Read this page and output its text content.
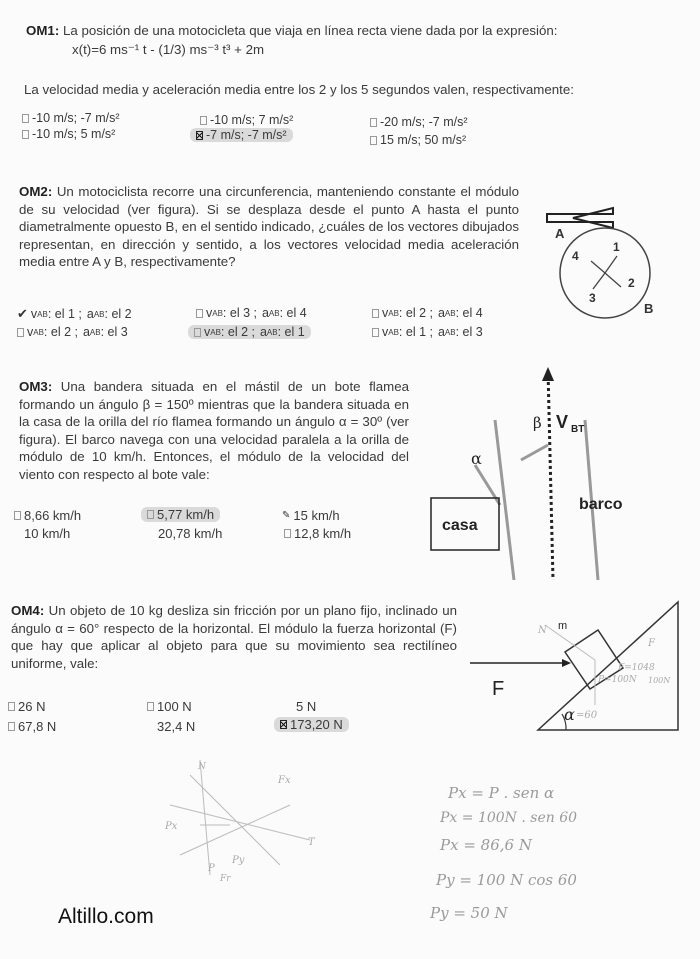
OM1: La posición de una motocicleta que viaja en línea recta viene dada por la expresión:
x(t)=6 ms⁻¹ t - (1/3) ms⁻³ t³ + 2m
La velocidad media y aceleración media entre los 2 y los 5 segundos valen, respectivamente:
-10 m/s; -7 m/s²	-10 m/s; 7 m/s²	-20 m/s; -7 m/s²
-10 m/s; 5 m/s²	-7 m/s; -7 m/s²	15 m/s; 50 m/s²
OM2: Un motociclista recorre una circunferencia, manteniendo constante el módulo de su velocidad (ver figura). Si se desplaza desde el punto A hasta el punto diametralmente opuesto B, en el sentido indicado, ¿cuáles de los vectores dibujados representan, en dirección y sentido, a los vectores velocidad media aceleración media entre A y B, respectivamente?
A
B
1
2
3
4
✔ v AB : el 1 ; a AB : el 2	v AB : el 3 ; a AB : el 4	v AB : el 2 ; a AB : el 4
v AB : el 2 ; a AB : el 3	v AB : el 2 ; a AB : el 1	v AB : el 1 ; a AB : el 3
OM3: Una bandera situada en el mástil de un bote flamea formando un ángulo β = 150º mientras que la bandera situada en la casa de la orilla del río flamea formando un ángulo α = 30º (ver figura). El barco navega con una velocidad paralela a la orilla de módulo de 10 km/h. Entonces, el módulo de la velocidad del viento con respecto al bote vale:
casa
barco
β V BT
α
8,66 km/h	5,77 km/h	✎ 15 km/h
10 km/h	20,78 km/h	12,8 km/h
OM4: Un objeto de 10 kg desliza sin fricción por un plano fijo, inclinado un ángulo α = 60° respecto de la horizontal. El módulo la fuerza horizontal (F) que hay que aplicar al objeto para que su movimiento sea rectilíneo uniforme, vale:
F
m
α =60
N
F
P=100N
F=1048
100N
26 N	100 N	5 N
67,8 N	32,4 N	173,20 N
N
Fx
Px
T
Py
P
Fr
Px = P . sen α
Px = 100N . sen 60
Px = 86,6 N
Py = 100 N cos 60
Py = 50 N
Altillo.com
